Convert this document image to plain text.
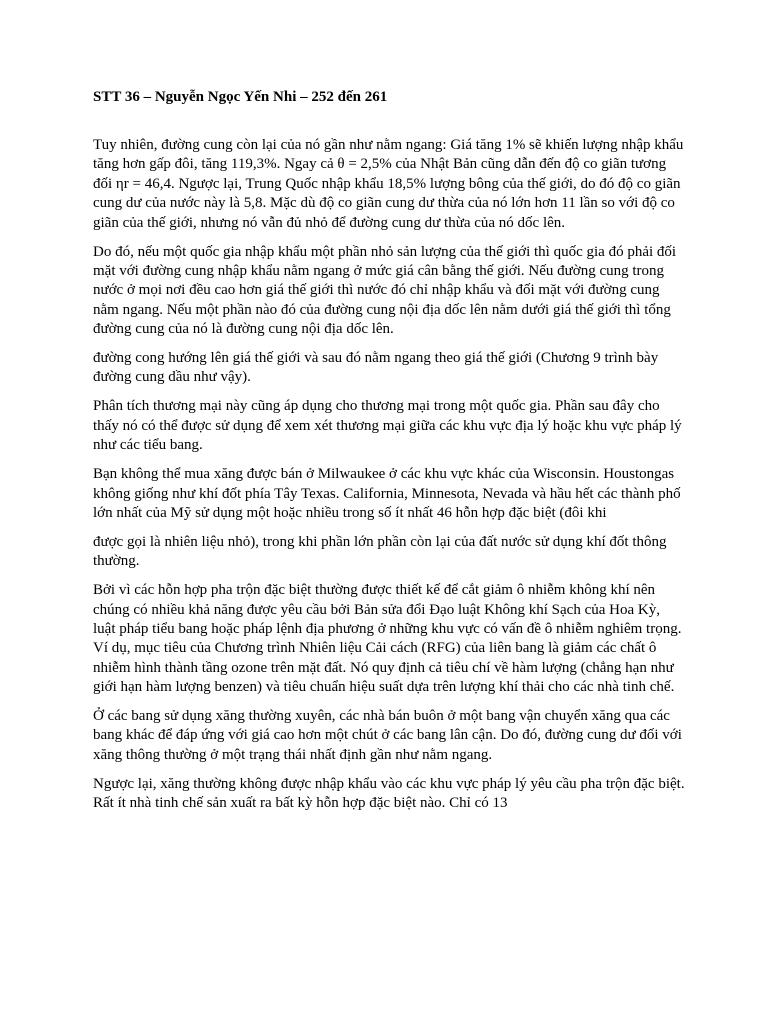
STT 36 – Nguyễn Ngọc Yến Nhi – 252 đến 261

Tuy nhiên, đường cung còn lại của nó gần như nằm ngang: Giá tăng 1% sẽ khiến lượng nhập khẩu tăng hơn gấp đôi, tăng 119,3%. Ngay cả θ = 2,5% của Nhật Bản cũng dẫn đến độ co giãn tương đối ηr = 46,4. Ngược lại, Trung Quốc nhập khẩu 18,5% lượng bông của thế giới, do đó độ co giãn cung dư của nước này là 5,8. Mặc dù độ co giãn cung dư thừa của nó lớn hơn 11 lần so với độ co giãn của thế giới, nhưng nó vẫn đủ nhỏ để đường cung dư thừa của nó dốc lên.

Do đó, nếu một quốc gia nhập khẩu một phần nhỏ sản lượng của thế giới thì quốc gia đó phải đối mặt với đường cung nhập khẩu nằm ngang ở mức giá cân bằng thế giới. Nếu đường cung trong nước ở mọi nơi đều cao hơn giá thế giới thì nước đó chỉ nhập khẩu và đối mặt với đường cung nằm ngang. Nếu một phần nào đó của đường cung nội địa dốc lên nằm dưới giá thế giới thì tổng đường cung của nó là đường cung nội địa dốc lên.

đường cong hướng lên giá thế giới và sau đó nằm ngang theo giá thế giới (Chương 9 trình bày đường cung dầu như vậy).

Phân tích thương mại này cũng áp dụng cho thương mại trong một quốc gia. Phần sau đây cho thấy nó có thể được sử dụng để xem xét thương mại giữa các khu vực địa lý hoặc khu vực pháp lý như các tiểu bang.

Bạn không thể mua xăng được bán ở Milwaukee ở các khu vực khác của Wisconsin. Houstongas không giống như khí đốt phía Tây Texas. California, Minnesota, Nevada và hầu hết các thành phố lớn nhất của Mỹ sử dụng một hoặc nhiều trong số ít nhất 46 hỗn hợp đặc biệt (đôi khi

được gọi là nhiên liệu nhỏ), trong khi phần lớn phần còn lại của đất nước sử dụng khí đốt thông thường.

Bởi vì các hỗn hợp pha trộn đặc biệt thường được thiết kế để cắt giảm ô nhiễm không khí nên chúng có nhiều khả năng được yêu cầu bởi Bản sửa đổi Đạo luật Không khí Sạch của Hoa Kỳ, luật pháp tiểu bang hoặc pháp lệnh địa phương ở những khu vực có vấn đề ô nhiễm nghiêm trọng. Ví dụ, mục tiêu của Chương trình Nhiên liệu Cải cách (RFG) của liên bang là giảm các chất ô nhiễm hình thành tầng ozone trên mặt đất. Nó quy định cả tiêu chí về hàm lượng (chẳng hạn như giới hạn hàm lượng benzen) và tiêu chuẩn hiệu suất dựa trên lượng khí thải cho các nhà tinh chế.

Ở các bang sử dụng xăng thường xuyên, các nhà bán buôn ở một bang vận chuyển xăng qua các bang khác để đáp ứng với giá cao hơn một chút ở các bang lân cận. Do đó, đường cung dư đối với xăng thông thường ở một trạng thái nhất định gần như nằm ngang.

Ngược lại, xăng thường không được nhập khẩu vào các khu vực pháp lý yêu cầu pha trộn đặc biệt. Rất ít nhà tinh chế sản xuất ra bất kỳ hỗn hợp đặc biệt nào. Chỉ có 13
